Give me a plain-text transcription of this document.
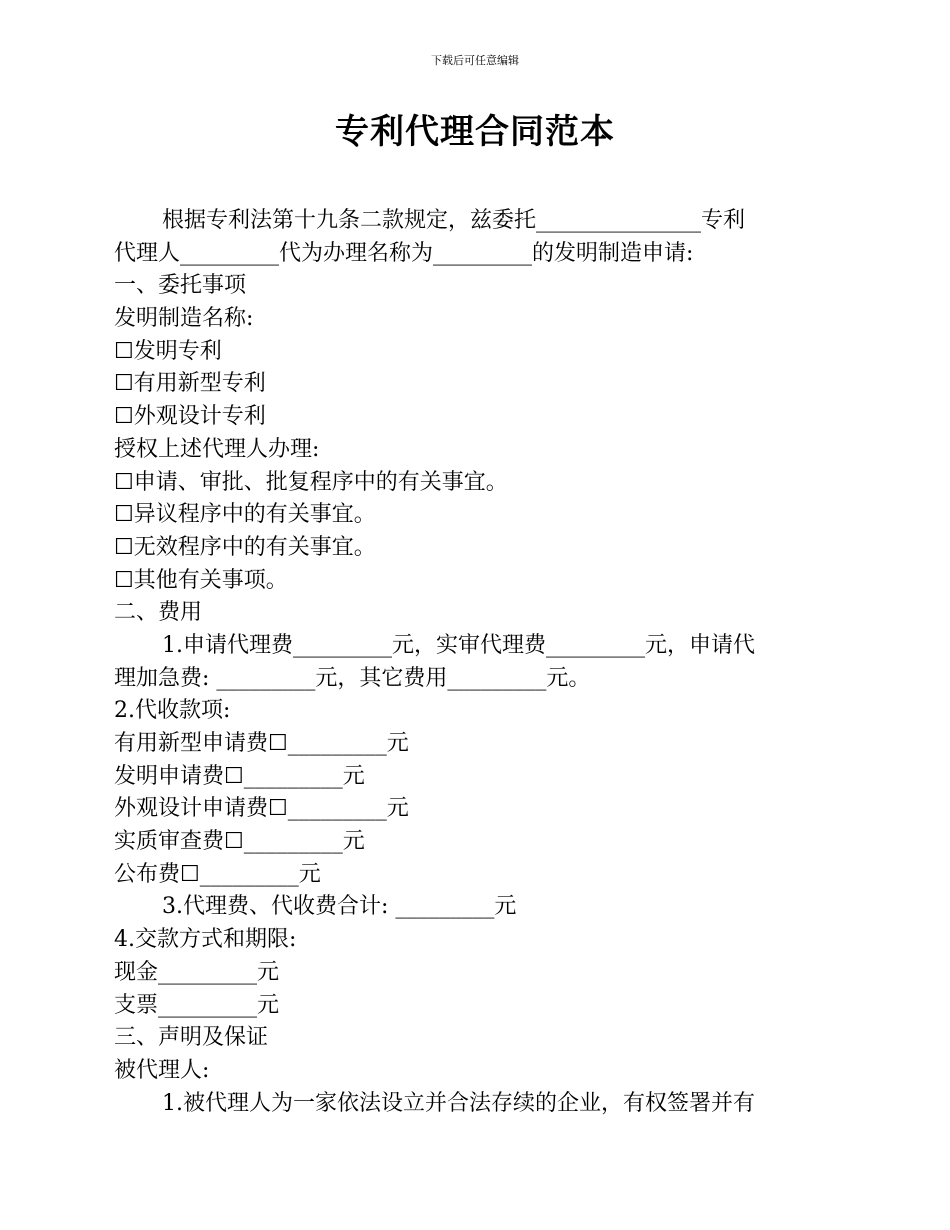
下载后可任意编辑
专利代理合同范本
根据专利法第十九条二款规定，兹委托_______________专利
代理人_________代为办理名称为_________的发明制造申请:
一、委托事项
发明制造名称:
☐发明专利
☐有用新型专利
☐外观设计专利
授权上述代理人办理:
☐申请、审批、批复程序中的有关事宜。
☐异议程序中的有关事宜。
☐无效程序中的有关事宜。
☐其他有关事项。
二、费用
1.申请代理费_________元，实审代理费_________元，申请代
理加急费: _________元，其它费用_________元。
2.代收款项:
有用新型申请费☐_________元
发明申请费☐_________元
外观设计申请费☐_________元
实质审查费☐_________元
公布费☐_________元
3.代理费、代收费合计: _________元
4.交款方式和期限:
现金_________元
支票_________元
三、声明及保证
被代理人:
1.被代理人为一家依法设立并合法存续的企业，有权签署并有
